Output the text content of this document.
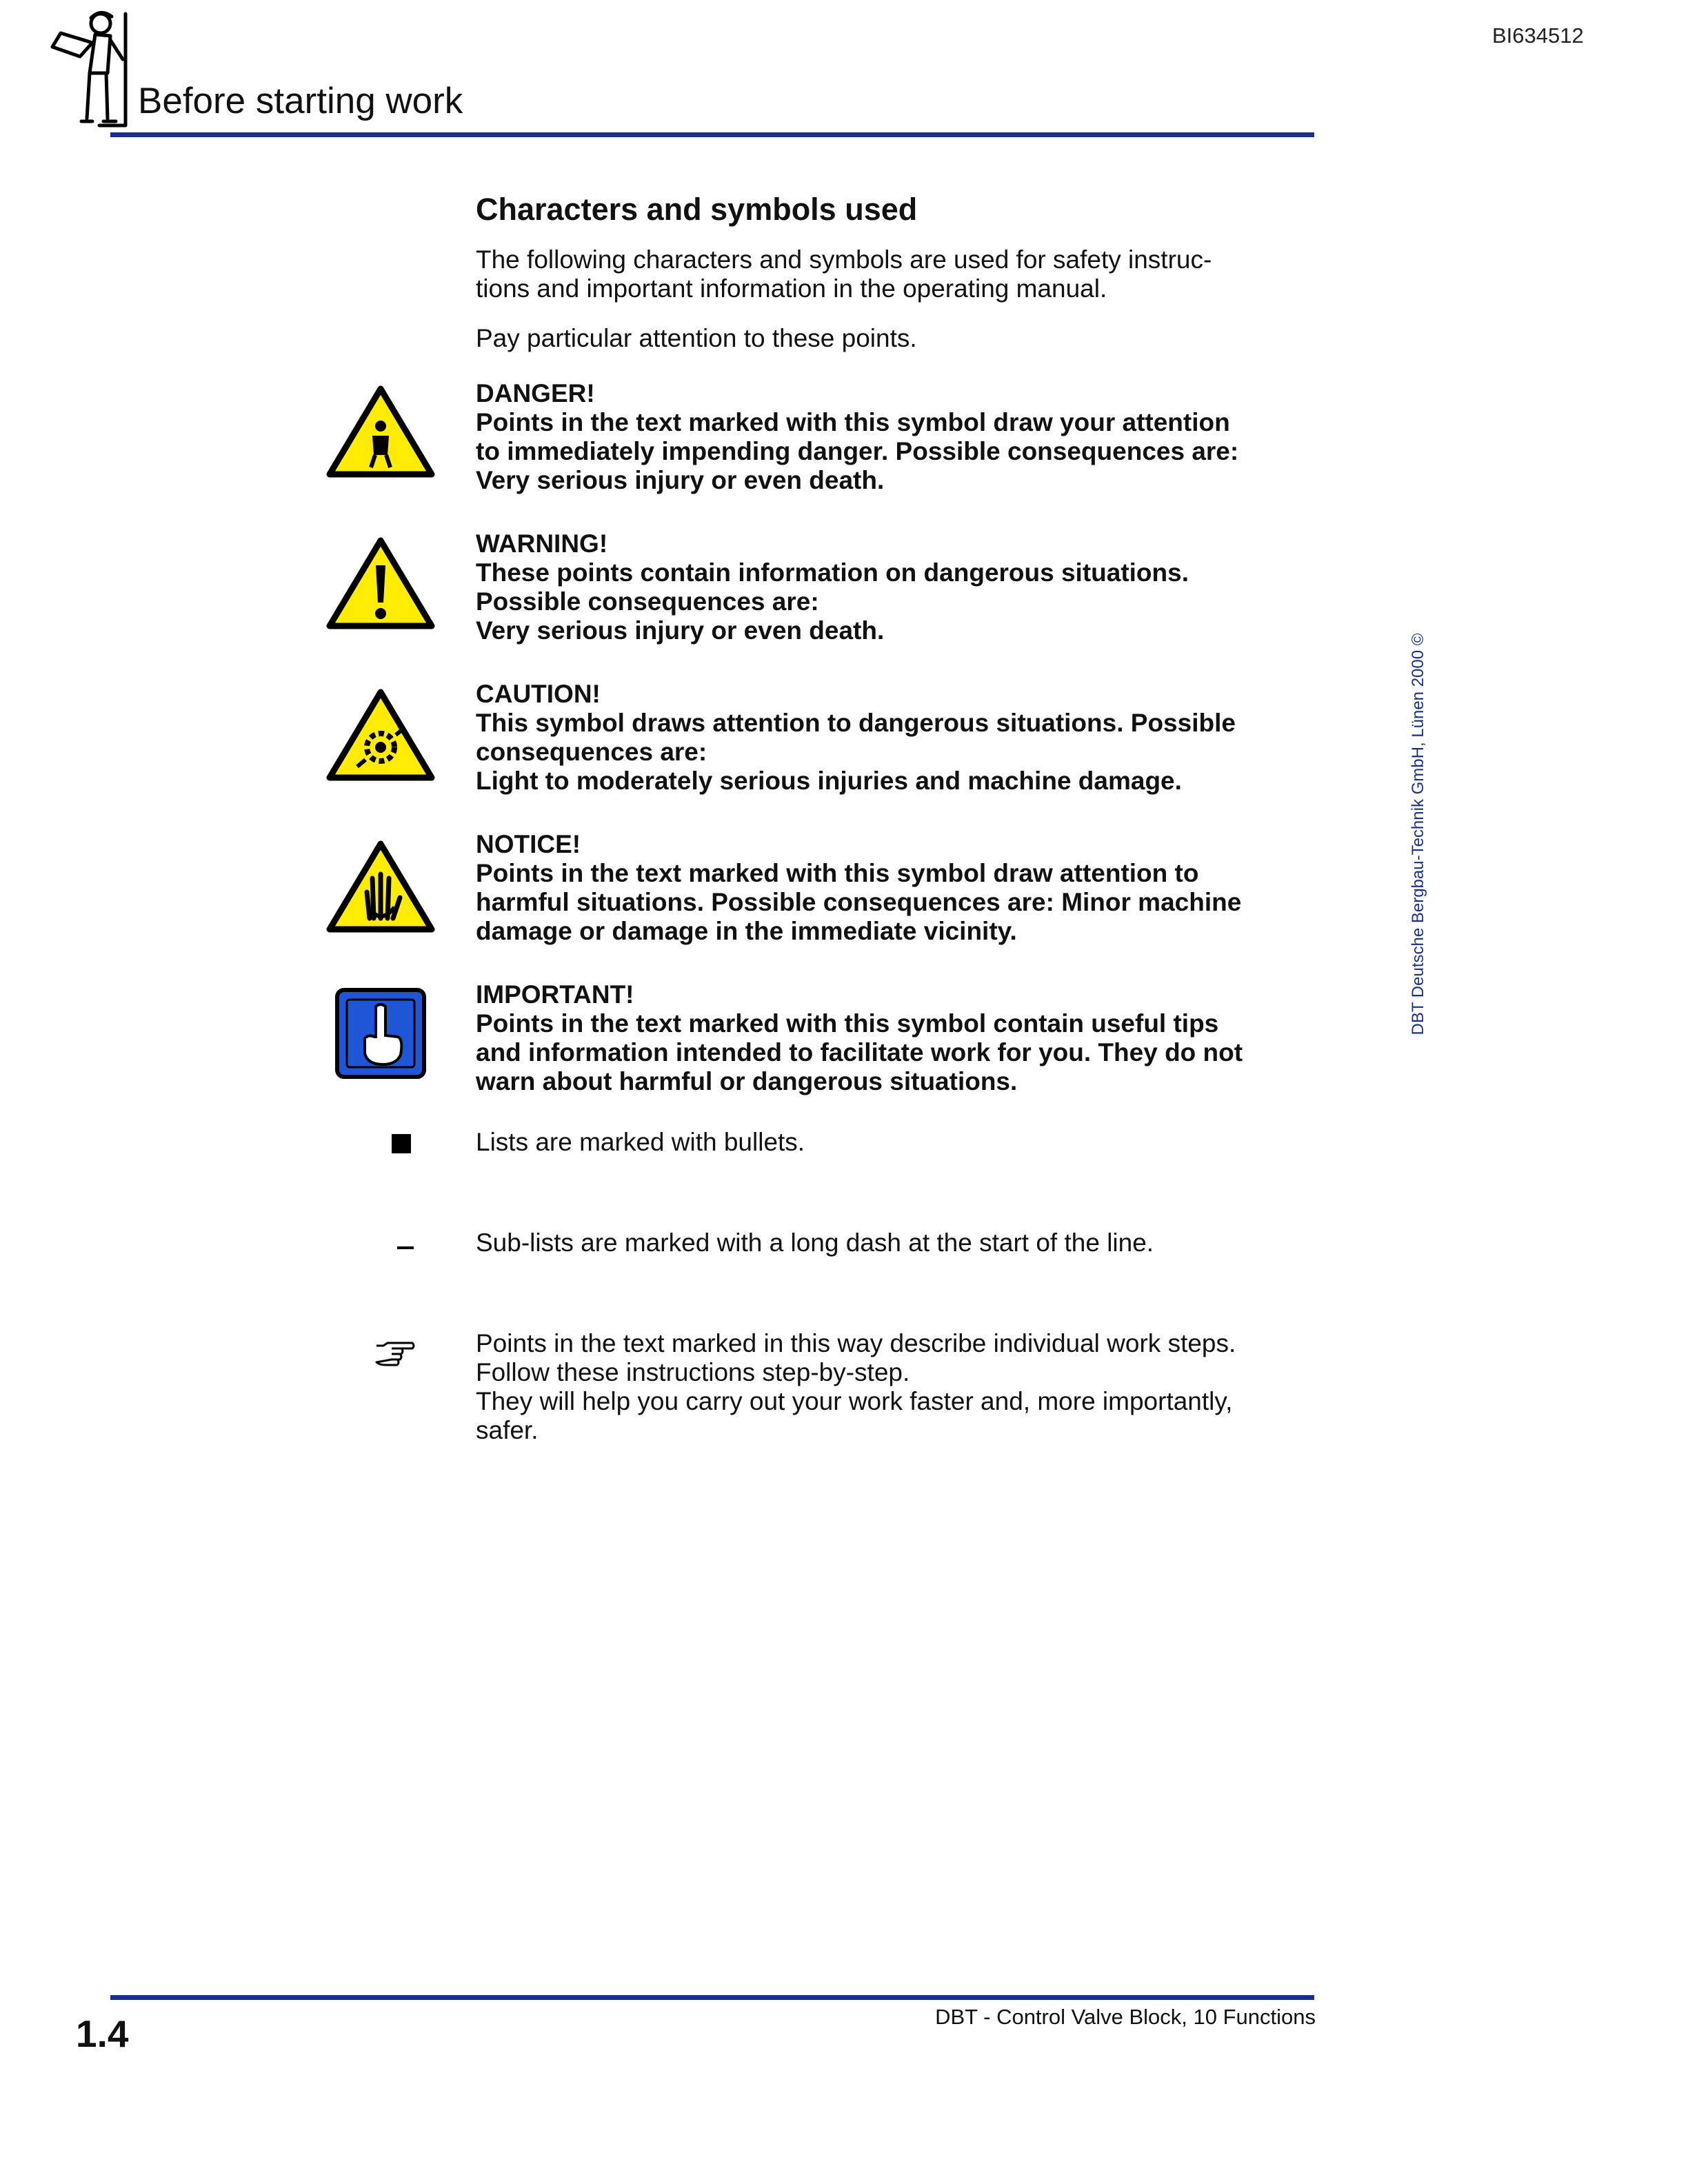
BI634512
Before starting work
Characters and symbols used
The following characters and symbols are used for safety instruc-
tions and important information in the operating manual.
Pay particular attention to these points.
DANGER!
Points in the text marked with this symbol draw your attention
to immediately impending danger. Possible consequences are:
Very serious injury or even death.
WARNING!
These points contain information on dangerous situations.
Possible consequences are:
Very serious injury or even death.
CAUTION!
This symbol draws attention to dangerous situations. Possible
consequences are:
Light to moderately serious injuries and machine damage.
NOTICE!
Points in the text marked with this symbol draw attention to
harmful situations. Possible consequences are: Minor machine
damage or damage in the immediate vicinity.
IMPORTANT!
Points in the text marked with this symbol contain useful tips
and information intended to facilitate work for you. They do not
warn about harmful or dangerous situations.
Lists are marked with bullets.
Sub-lists are marked with a long dash at the start of the line.
Points in the text marked in this way describe individual work steps.
Follow these instructions step-by-step.
They will help you carry out your work faster and, more importantly,
safer.
DBT Deutsche Bergbau-Technik GmbH, Lünen 2000 ©
1.4	DBT - Control Valve Block, 10 Functions
